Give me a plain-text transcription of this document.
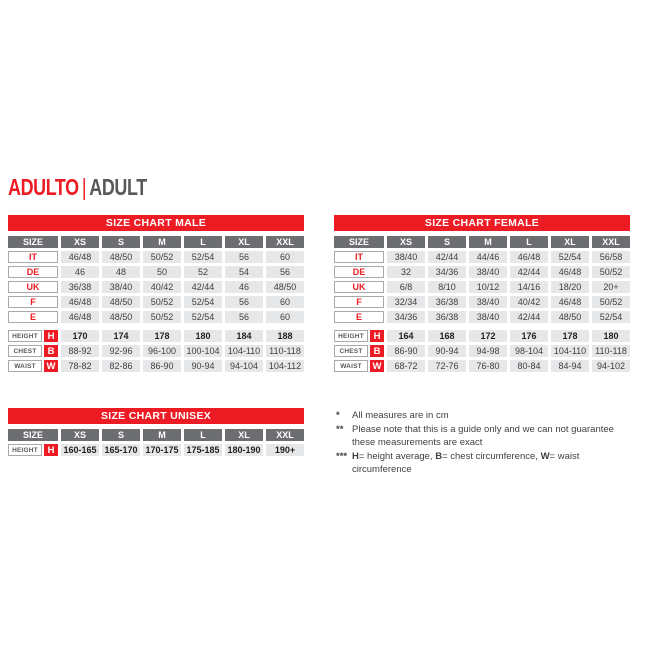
ADULTO | ADULT
SIZE CHART MALE
SIZE	XS	S	M	L	XL	XXL
IT	46/48	48/50	50/52	52/54	56	60
DE	46	48	50	52	54	56
UK	36/38	38/40	40/42	42/44	46	48/50
F	46/48	48/50	50/52	52/54	56	60
E	46/48	48/50	50/52	52/54	56	60
HEIGHT	H	170	174	178	180	184	188
CHEST	B	88-92	92-96	96-100	100-104 104-110 110-118
WAIST	W	78-82	82-86	86-90	90-94	94-104	104-112
SIZE CHART FEMALE
SIZE	XS	S	M	L	XL	XXL
IT	38/40	42/44	44/46	46/48	52/54	56/58
DE	32	34/36	38/40	42/44	46/48	50/52
UK	6/8	8/10	10/12	14/16	18/20	20+
F	32/34	36/38	38/40	40/42	46/48	50/52
E	34/36	36/38	38/40	42/44	48/50	52/54
HEIGHT	H	164	168	172	176	178	180
CHEST	B	86-90	90-94	94-98	98-104	104-110 110-118
WAIST	W	68-72	72-76	76-80	80-84	84-94	94-102
SIZE CHART UNISEX
SIZE	XS	S	M	L	XL	XXL
HEIGHT	H	160-165 165-170 170-175 175-185 180-190	190+
*	All measures are in cm
** Please note that this is a guide only and we can not guarantee these measurements are exact
*** H= height average, B= chest circumference, W= waist circumference
